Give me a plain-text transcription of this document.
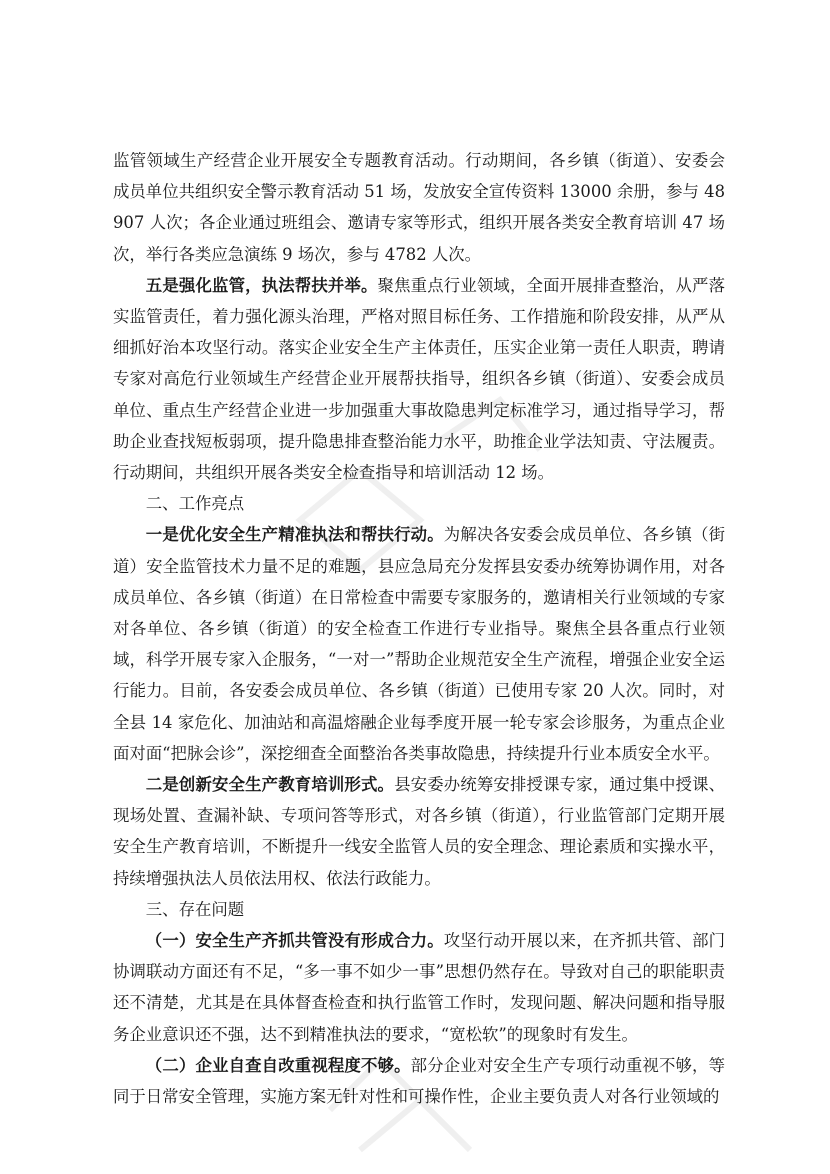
监管领域生产经营企业开展安全专题教育活动。行动期间，各乡镇（街道）、安委会成员单位共组织安全警示教育活动 51 场，发放安全宣传资料 13000 余册，参与 48907 人次；各企业通过班组会、邀请专家等形式，组织开展各类安全教育培训 47 场次，举行各类应急演练 9 场次，参与 4782 人次。

五是强化监管，执法帮扶并举。聚焦重点行业领域，全面开展排查整治，从严落实监管责任，着力强化源头治理，严格对照目标任务、工作措施和阶段安排，从严从细抓好治本攻坚行动。落实企业安全生产主体责任，压实企业第一责任人职责，聘请专家对高危行业领域生产经营企业开展帮扶指导，组织各乡镇（街道）、安委会成员单位、重点生产经营企业进一步加强重大事故隐患判定标准学习，通过指导学习，帮助企业查找短板弱项，提升隐患排查整治能力水平，助推企业学法知责、守法履责。行动期间，共组织开展各类安全检查指导和培训活动 12 场。

二、工作亮点

一是优化安全生产精准执法和帮扶行动。为解决各安委会成员单位、各乡镇（街道）安全监管技术力量不足的难题，县应急局充分发挥县安委办统筹协调作用，对各成员单位、各乡镇（街道）在日常检查中需要专家服务的，邀请相关行业领域的专家对各单位、各乡镇（街道）的安全检查工作进行专业指导。聚焦全县各重点行业领域，科学开展专家入企服务，“一对一”帮助企业规范安全生产流程，增强企业安全运行能力。目前，各安委会成员单位、各乡镇（街道）已使用专家 20 人次。同时，对全县 14 家危化、加油站和高温熔融企业每季度开展一轮专家会诊服务，为重点企业面对面“把脉会诊”，深挖细查全面整治各类事故隐患，持续提升行业本质安全水平。

二是创新安全生产教育培训形式。县安委办统筹安排授课专家，通过集中授课、现场处置、查漏补缺、专项问答等形式，对各乡镇（街道），行业监管部门定期开展安全生产教育培训，不断提升一线安全监管人员的安全理念、理论素质和实操水平，持续增强执法人员依法用权、依法行政能力。

三、存在问题

（一）安全生产齐抓共管没有形成合力。攻坚行动开展以来，在齐抓共管、部门协调联动方面还有不足，“多一事不如少一事”思想仍然存在。导致对自己的职能职责还不清楚，尤其是在具体督查检查和执行监管工作时，发现问题、解决问题和指导服务企业意识还不强，达不到精准执法的要求，“宽松软”的现象时有发生。

（二）企业自查自改重视程度不够。部分企业对安全生产专项行动重视不够，等同于日常安全管理，实施方案无针对性和可操作性，企业主要负责人对各行业领域的
